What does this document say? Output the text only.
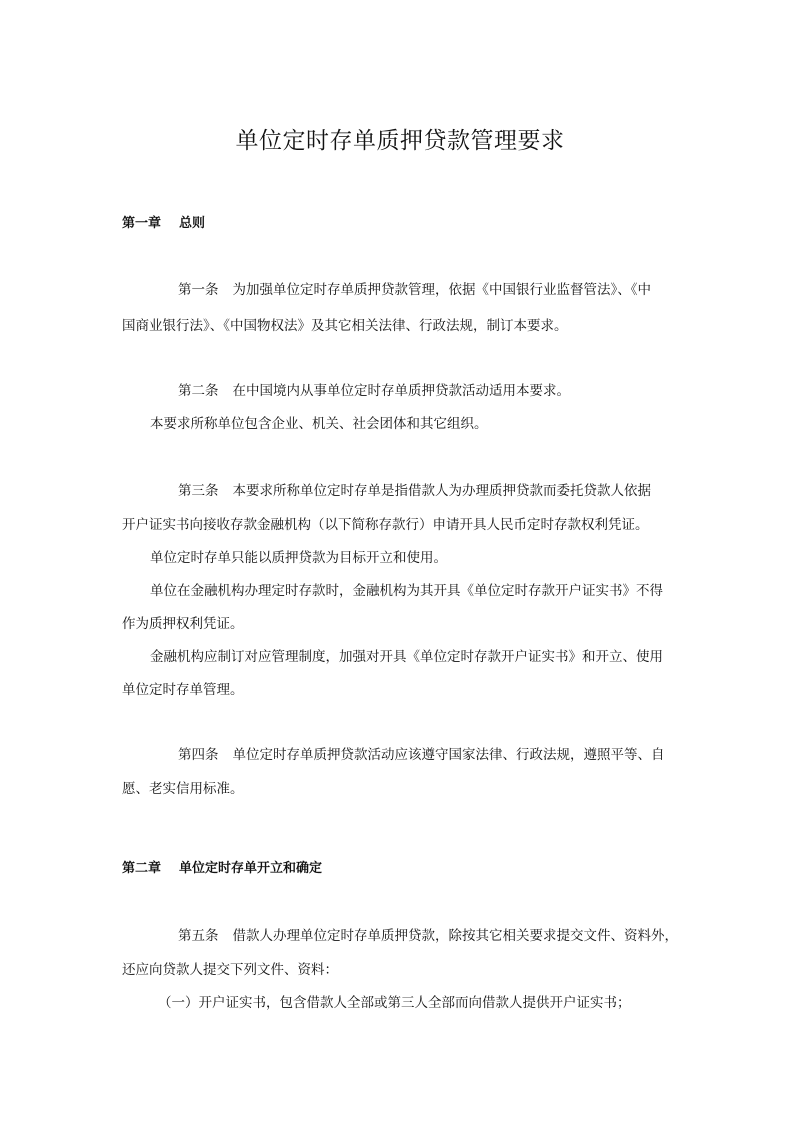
单位定时存单质押贷款管理要求
第一章 总则

第一条 为加强单位定时存单质押贷款管理，依据《中国银行业监督管法》、《中

国商业银行法》、《中国物权法》及其它相关法律、行政法规，制订本要求。

第二条 在中国境内从事单位定时存单质押贷款活动适用本要求。

本要求所称单位包含企业、机关、社会团体和其它组织。

第三条 本要求所称单位定时存单是指借款人为办理质押贷款而委托贷款人依据

开户证实书向接收存款金融机构（以下简称存款行）申请开具人民币定时存款权利凭证。

单位定时存单只能以质押贷款为目标开立和使用。

单位在金融机构办理定时存款时，金融机构为其开具《单位定时存款开户证实书》不得

作为质押权利凭证。

金融机构应制订对应管理制度，加强对开具《单位定时存款开户证实书》和开立、使用

单位定时存单管理。

第四条 单位定时存单质押贷款活动应该遵守国家法律、行政法规，遵照平等、自

愿、老实信用标准。

第二章 单位定时存单开立和确定

第五条 借款人办理单位定时存单质押贷款，除按其它相关要求提交文件、资料外，

还应向贷款人提交下列文件、资料：

（一）开户证实书，包含借款人全部或第三人全部而向借款人提供开户证实书；
